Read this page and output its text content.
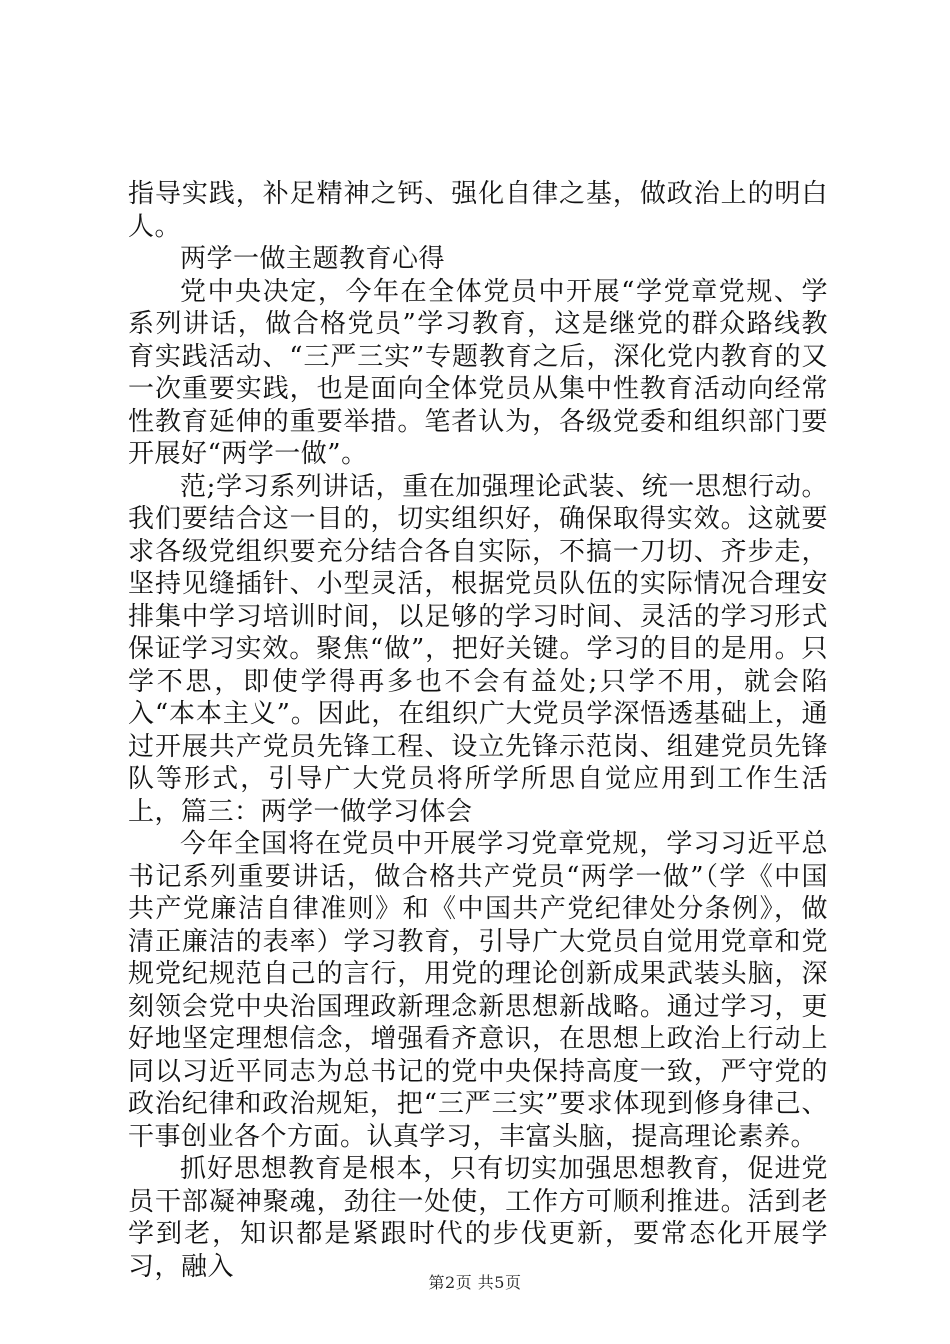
指导实践，补足精神之钙、强化自律之基，做政治上的明白人。

两学一做主题教育心得

党中央决定，今年在全体党员中开展“学党章党规、学系列讲话，做合格党员”学习教育，这是继党的群众路线教育实践活动、“三严三实”专题教育之后，深化党内教育的又一次重要实践，也是面向全体党员从集中性教育活动向经常性教育延伸的重要举措。笔者认为，各级党委和组织部门要开展好“两学一做”。

范;学习系列讲话，重在加强理论武装、统一思想行动。我们要结合这一目的，切实组织好，确保取得实效。这就要求各级党组织要充分结合各自实际，不搞一刀切、齐步走，坚持见缝插针、小型灵活，根据党员队伍的实际情况合理安排集中学习培训时间，以足够的学习时间、灵活的学习形式保证学习实效。聚焦“做”，把好关键。学习的目的是用。只学不思，即使学得再多也不会有益处;只学不用，就会陷入“本本主义”。因此，在组织广大党员学深悟透基础上，通过开展共产党员先锋工程、设立先锋示范岗、组建党员先锋队等形式，引导广大党员将所学所思自觉应用到工作生活上，篇三：两学一做学习体会

今年全国将在党员中开展学习党章党规，学习习近平总书记系列重要讲话，做合格共产党员“两学一做”（学《中国共产党廉洁自律准则》和《中国共产党纪律处分条例》，做清正廉洁的表率）学习教育，引导广大党员自觉用党章和党规党纪规范自己的言行，用党的理论创新成果武装头脑，深刻领会党中央治国理政新理念新思想新战略。通过学习，更好地坚定理想信念，增强看齐意识，在思想上政治上行动上同以习近平同志为总书记的党中央保持高度一致，严守党的政治纪律和政治规矩，把“三严三实”要求体现到修身律己、干事创业各个方面。认真学习，丰富头脑，提高理论素养。

抓好思想教育是根本，只有切实加强思想教育，促进党员干部凝神聚魂，劲往一处使，工作方可顺利推进。活到老学到老，知识都是紧跟时代的步伐更新，要常态化开展学习，融入

第2页 共5页
